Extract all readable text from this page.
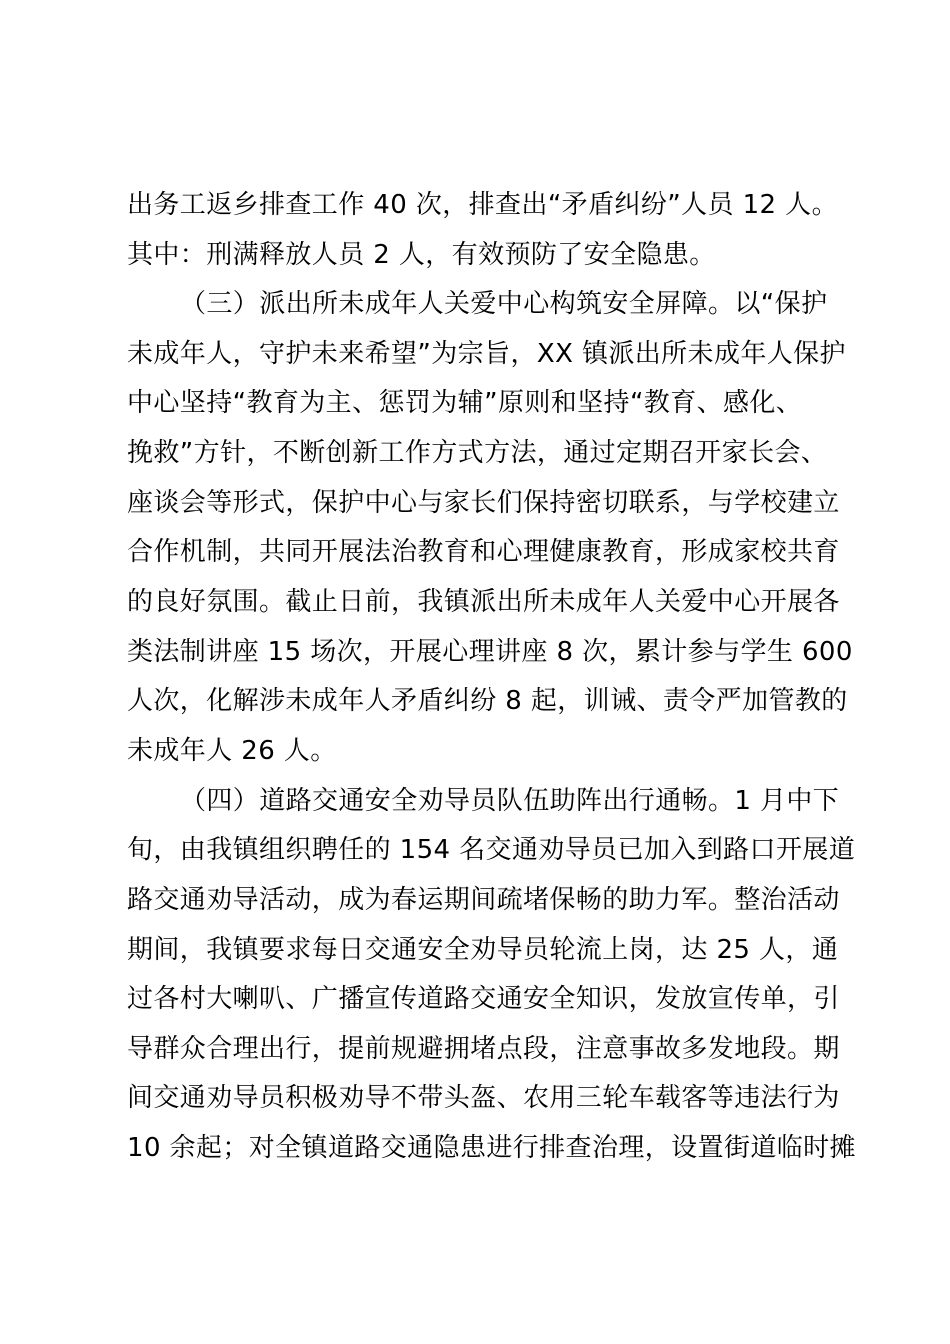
出务工返乡排查工作 40 次，排查出“矛盾纠纷”人员 12 人。
其中：刑满释放人员 2 人，有效预防了安全隐患。
（三）派出所未成年人关爱中心构筑安全屏障。以“保护
未成年人，守护未来希望”为宗旨，XX 镇派出所未成年人保护
中心坚持“教育为主、惩罚为辅”原则和坚持“教育、感化、
挽救”方针，不断创新工作方式方法，通过定期召开家长会、
座谈会等形式，保护中心与家长们保持密切联系，与学校建立
合作机制，共同开展法治教育和心理健康教育，形成家校共育
的良好氛围。截止日前，我镇派出所未成年人关爱中心开展各
类法制讲座 15 场次，开展心理讲座 8 次，累计参与学生 600
人次，化解涉未成年人矛盾纠纷 8 起，训诫、责令严加管教的
未成年人 26 人。
（四）道路交通安全劝导员队伍助阵出行通畅。1 月中下
旬，由我镇组织聘任的 154 名交通劝导员已加入到路口开展道
路交通劝导活动，成为春运期间疏堵保畅的助力军。整治活动
期间，我镇要求每日交通安全劝导员轮流上岗，达 25 人，通
过各村大喇叭、广播宣传道路交通安全知识，发放宣传单，引
导群众合理出行，提前规避拥堵点段，注意事故多发地段。期
间交通劝导员积极劝导不带头盔、农用三轮车载客等违法行为
10 余起；对全镇道路交通隐患进行排查治理，设置街道临时摊
